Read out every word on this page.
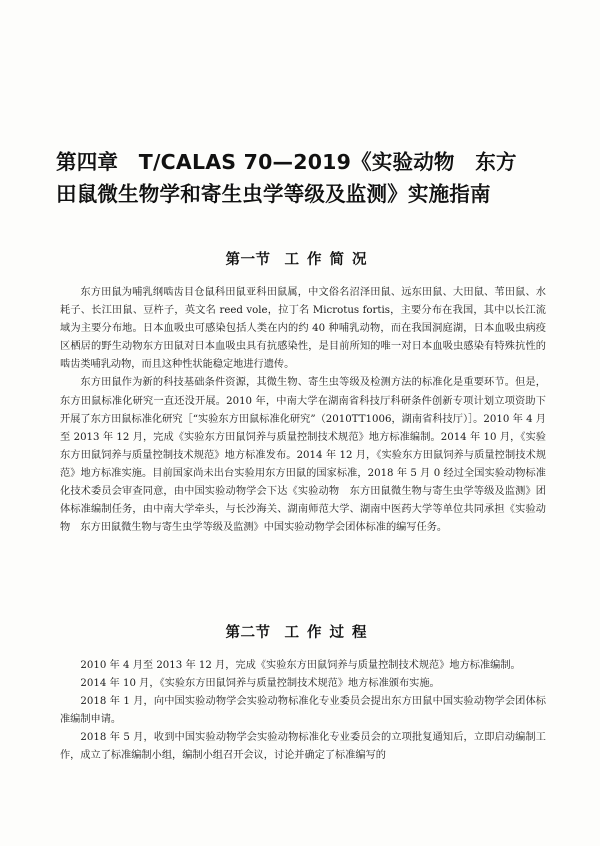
第四章　T/CALAS 70—2019《实验动物　东方
田鼠微生物学和寄生虫学等级及监测》实施指南
第一节 工作简况

东方田鼠为哺乳纲啮齿目仓鼠科田鼠亚科田鼠属，中文俗名沼泽田鼠、远东田鼠、大田鼠、苇田鼠、水耗子、长江田鼠、豆杵子，英文名 reed vole，拉丁名 Microtus fortis，主要分布在我国，其中以长江流域为主要分布地。日本血吸虫可感染包括人类在内的约 40 种哺乳动物，而在我国洞庭湖，日本血吸虫病疫区栖居的野生动物东方田鼠对日本血吸虫具有抗感染性，是目前所知的唯一对日本血吸虫感染有特殊抗性的啮齿类哺乳动物，而且这种性状能稳定地进行遗传。

东方田鼠作为新的科技基础条件资源，其微生物、寄生虫等级及检测方法的标准化是重要环节。但是，东方田鼠标准化研究一直还没开展。2010 年，中南大学在湖南省科技厅科研条件创新专项计划立项资助下开展了东方田鼠标准化研究［“实验东方田鼠标准化研究”（2010TT1006，湖南省科技厅）］。2010 年 4 月至 2013 年 12 月，完成《实验东方田鼠饲养与质量控制技术规范》地方标准编制。2014 年 10 月，《实验东方田鼠饲养与质量控制技术规范》地方标准发布。2014 年 12 月，《实验东方田鼠饲养与质量控制技术规范》地方标准实施。目前国家尚未出台实验用东方田鼠的国家标准，2018 年 5 月 0 经过全国实验动物标准化技术委员会审查同意，由中国实验动物学会下达《实验动物　东方田鼠微生物与寄生虫学等级及监测》团体标准编制任务，由中南大学牵头，与长沙海关、湖南师范大学、湖南中医药大学等单位共同承担《实验动物　东方田鼠微生物与寄生虫学等级及监测》中国实验动物学会团体标准的编写任务。

第二节 工作过程

2010 年 4 月至 2013 年 12 月，完成《实验东方田鼠饲养与质量控制技术规范》地方标准编制。

2014 年 10 月，《实验东方田鼠饲养与质量控制技术规范》地方标准颁布实施。

2018 年 1 月，向中国实验动物学会实验动物标准化专业委员会提出东方田鼠中国实验动物学会团体标准编制申请。

2018 年 5 月，收到中国实验动物学会实验动物标准化专业委员会的立项批复通知后，立即启动编制工作，成立了标准编制小组，编制小组召开会议，讨论并确定了标准编写的
